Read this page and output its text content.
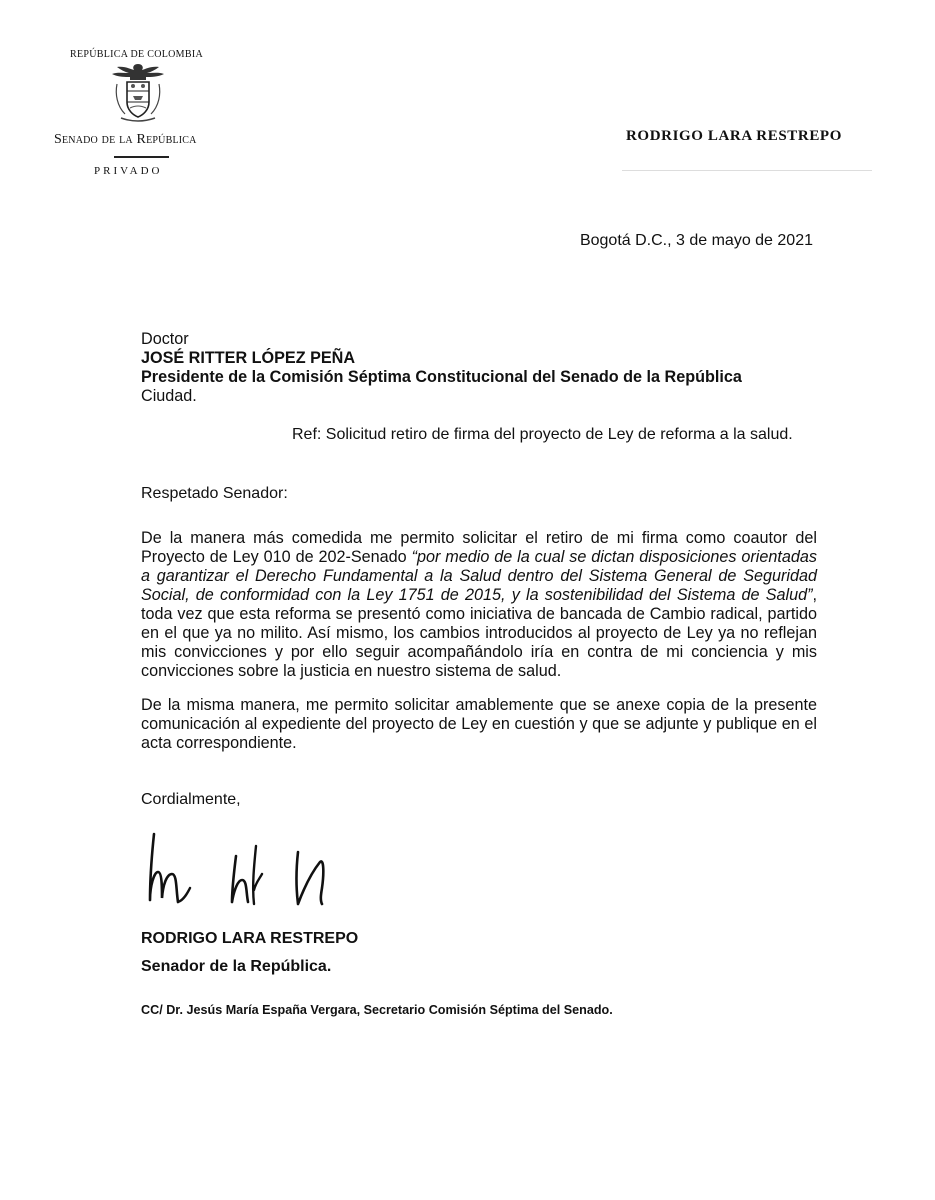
REPÚBLICA DE COLOMBIA
Senado de la República
PRIVADO
RODRIGO LARA RESTREPO
Bogotá D.C., 3 de mayo de 2021
Doctor
JOSÉ RITTER LÓPEZ PEÑA
Presidente de la Comisión Séptima Constitucional del Senado de la República
Ciudad.
Ref: Solicitud retiro de firma del proyecto de Ley de reforma a la salud.
Respetado Senador:
De la manera más comedida me permito solicitar el retiro de mi firma como coautor del Proyecto de Ley 010 de 202-Senado “por medio de la cual se dictan disposiciones orientadas a garantizar el Derecho Fundamental a la Salud dentro del Sistema General de Seguridad Social, de conformidad con la Ley 1751 de 2015, y la sostenibilidad del Sistema de Salud”, toda vez que esta reforma se presentó como iniciativa de bancada de Cambio radical, partido en el que ya no milito. Así mismo, los cambios introducidos al proyecto de Ley ya no reflejan mis convicciones y por ello seguir acompañándolo iría en contra de mi conciencia y mis convicciones sobre la justicia en nuestro sistema de salud.
De la misma manera, me permito solicitar amablemente que se anexe copia de la presente comunicación al expediente del proyecto de Ley en cuestión y que se adjunte y publique en el acta correspondiente.
Cordialmente,
RODRIGO LARA RESTREPO
Senador de la República.
CC/ Dr. Jesús María España Vergara, Secretario Comisión Séptima del Senado.
